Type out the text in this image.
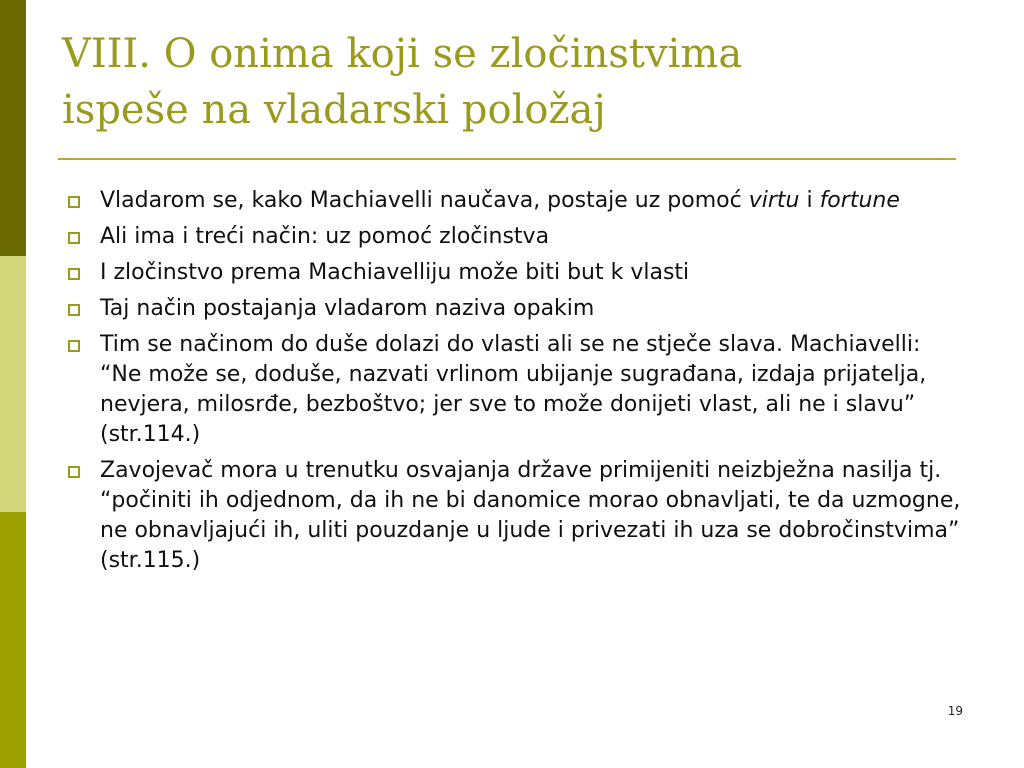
VIII. O onima koji se zločinstvima
ispeše na vladarski položaj
Vladarom se, kako Machiavelli naučava, postaje uz pomoć virtu i fortune
Ali ima i treći način: uz pomoć zločinstva
I zločinstvo prema Machiavelliju može biti but k vlasti
Taj način postajanja vladarom naziva opakim
Tim se načinom do duše dolazi do vlasti ali se ne stječe slava. Machiavelli: “Ne može se, doduše, nazvati vrlinom ubijanje sugrađana, izdaja prijatelja, nevjera, milosrđe, bezboštvo; jer sve to može donijeti vlast, ali ne i slavu” (str.114.)
Zavojevač mora u trenutku osvajanja države primijeniti neizbježna nasilja tj. “počiniti ih odjednom, da ih ne bi danomice morao obnavljati, te da uzmogne, ne obnavljajući ih, uliti pouzdanje u ljude i privezati ih uza se dobročinstvima” (str.115.)
19
